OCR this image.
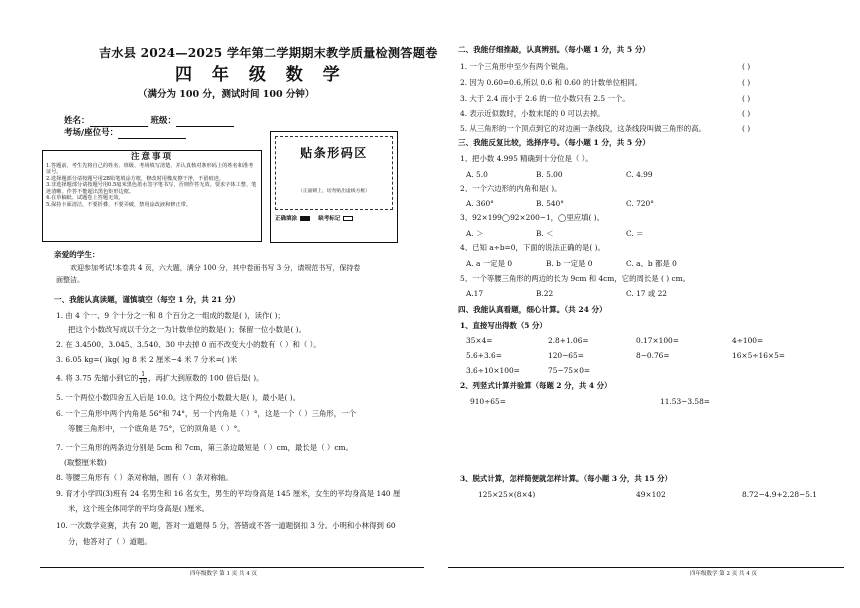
吉水县 2024—2025 学年第二学期期末教学质量检测答题卷
四 年 级 数 学
（满分为 100 分，测试时间 100 分钟）
姓名：	班级：
考场/座位号：
注意事项
1.答题前，考生先将自己的姓名、班级、考场填写清楚，并认真核对条形码上的姓名和准考证号。
2.选择题部分请按题号用2B铅笔填涂方框，修改时用橡皮擦干净，不留痕迹。
3.非选择题部分请按题号用0.5毫米黑色墨水签字笔书写，否则作答无效。要求字体工整、笔迹清晰。作答不能超出黑色矩形边框。
4.在草稿纸、试题卷上答题无效。
5.保持卡面清洁，不要折叠、不要弄破，禁用涂改液和修正带。
贴条形码区
（正面朝上，切勿贴出虚线方框）
正确填涂	缺考标记
亲爱的学生：
欢迎参加考试!本卷共 4 页，六大题，满分 100 分，其中卷面书写 3 分，请规范书写，保持卷
面整洁。
一、我能认真读题，谨慎填空（每空 1 分，共 21 分）
1. 由 4 个一、9 个十分之一和 8 个百分之一组成的数是( )，读作( )；
把这个小数改写成以千分之一为计数单位的数是( )；保留一位小数是( )。
2. 在 3.4500、3.045、3.540、30 中去掉 0 而不改变大小的数有（ ）和（ ）。
3. 6.05 kg=( )kg( )g 8 米 2 厘米−4 米 7 分米=( )米
4. 将 3.75 先缩小到它的 $\frac{1}{10}$ ，再扩大到原数的 100 倍后是( )。
5. 一个两位小数四舍五入后是 10.0。这个两位小数最大是( )，最小是( )。
6. 一个三角形中两个内角是 56°和 74°，另一个内角是（ ）°，这是一个（ ）三角形，一个
等腰三角形中，一个底角是 75°，它的顶角是（ ）°。
7. 一个三角形的两条边分别是 5cm 和 7cm，第三条边最短是（ ）cm，最长是（ ）cm。
(取整厘米数)
8. 等腰三角形有（ ）条对称轴，圆有（ ）条对称轴。
9. 育才小学四(3)班有 24 名男生和 16 名女生，男生的平均身高是 145 厘米，女生的平均身高是 140 厘
米，这个班全体同学的平均身高是( )厘米。
10. 一次数学竞赛，共有 20 题，答对一道题得 5 分，答错或不答一道题倒扣 3 分。小明和小林得到 60
分，他答对了（ ）道题。
四年级数学 第 1 页 共 4 页
二、我能仔细推敲，认真辨别。（每小题 1 分，共 5 分）
1. 一个三角形中至少有两个锐角。	( )
2. 因为 0.60=0.6,所以 0.6 和 0.60 的计数单位相同。	( )
3. 大于 2.4 而小于 2.6 的一位小数只有 2.5 一个。	( )
4. 表示近似数时，小数末尾的 0 可以去掉。	( )
5. 从三角形的一个顶点到它的对边画一条线段，这条线段叫做三角形的高。	( )
三、我能反复比较，选择序号。（每小题 1 分，共 5 分）
1、把小数 4.995 精确到十分位是（ ）。
A. 5.0	B. 5.00	C. 4.99
2、一个六边形的内角和是( )。
A. 360°	B. 540°	C. 720°
3、92×199◯92×200−1，◯里应填( )。
A. ＞	B. ＜	C. ＝
4、已知 a÷b=0，下面的说法正确的是( )。
A. a 一定是 0	B. b 一定是 0	C. a、b 都是 0
5、一个等腰三角形的两边的长为 9cm 和 4cm，它的周长是 ( ) cm。
A.17	B.22	C. 17 或 22
四、我能认真看题，细心计算。（共 24 分）
1、直接写出得数（5 分）
35×4=	2.8+1.06=	0.17×100=	4÷100=
5.6+3.6=	120−65=	8−0.76=	16×5÷16×5=
3.6÷10×100=	75−75×0=
2、列竖式计算并验算（每题 2 分，共 4 分）
910÷65=	11.53−3.58=
3、脱式计算，怎样简便就怎样计算。（每小题 3 分，共 15 分）
125×25×(8×4)	49×102	8.72−4.9+2.28−5.1
四年级数学 第 2 页 共 4 页
